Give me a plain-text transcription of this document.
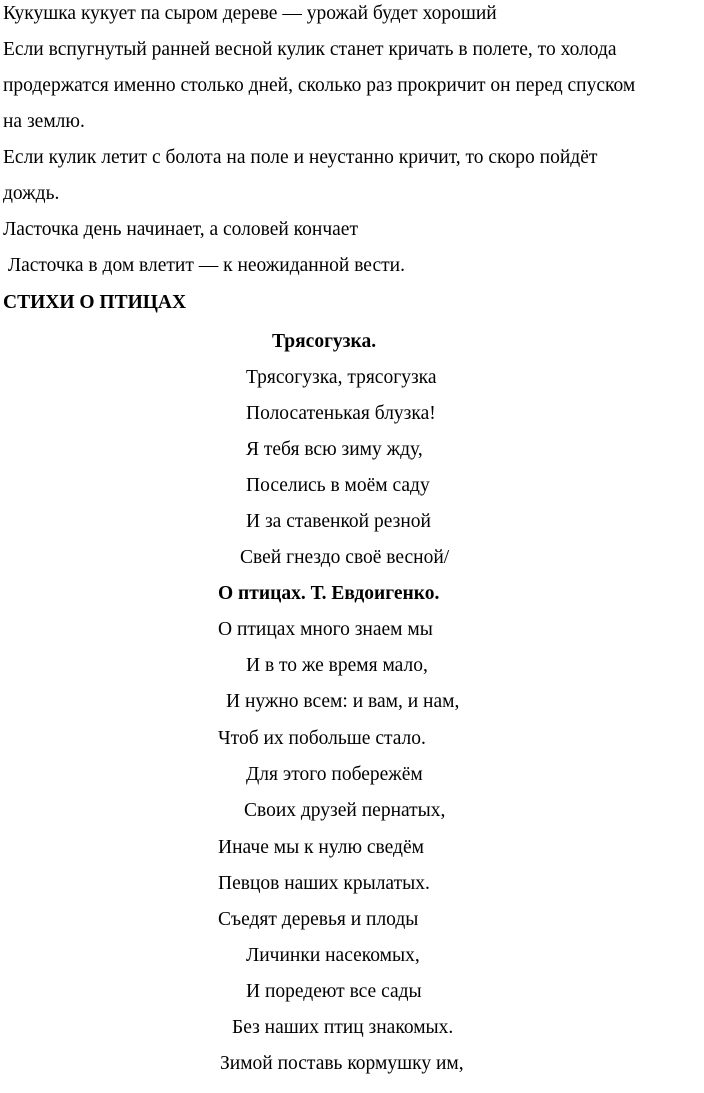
Кукушка кукует па сыром дереве — урожай будет хороший
Если вспугнутый ранней весной кулик станет кричать в полете, то холода
продержатся именно столько дней, сколько раз прокричит он перед спуском
на землю.
Если кулик летит с болота на поле и неустанно кричит, то скоро пойдёт
дождь.
Ласточка день начинает, а соловей кончает
Ласточка в дом влетит — к неожиданной вести.
СТИХИ О ПТИЦАХ
Трясогузка.
Трясогузка, трясогузка
Полосатенькая блузка!
Я тебя всю зиму жду,
Поселись в моём саду
И за ставенкой резной
Свей гнездо своё весной/
О птицах. Т. Евдоигенко.
О птицах много знаем мы
И в то же время мало,
И нужно всем: и вам, и нам,
Чтоб их побольше стало.
Для этого побережём
Своих друзей пернатых,
Иначе мы к нулю сведём
Певцов наших крылатых.
Съедят деревья и плоды
Личинки насекомых,
И поредеют все сады
Без наших птиц знакомых.
Зимой поставь кормушку им,
